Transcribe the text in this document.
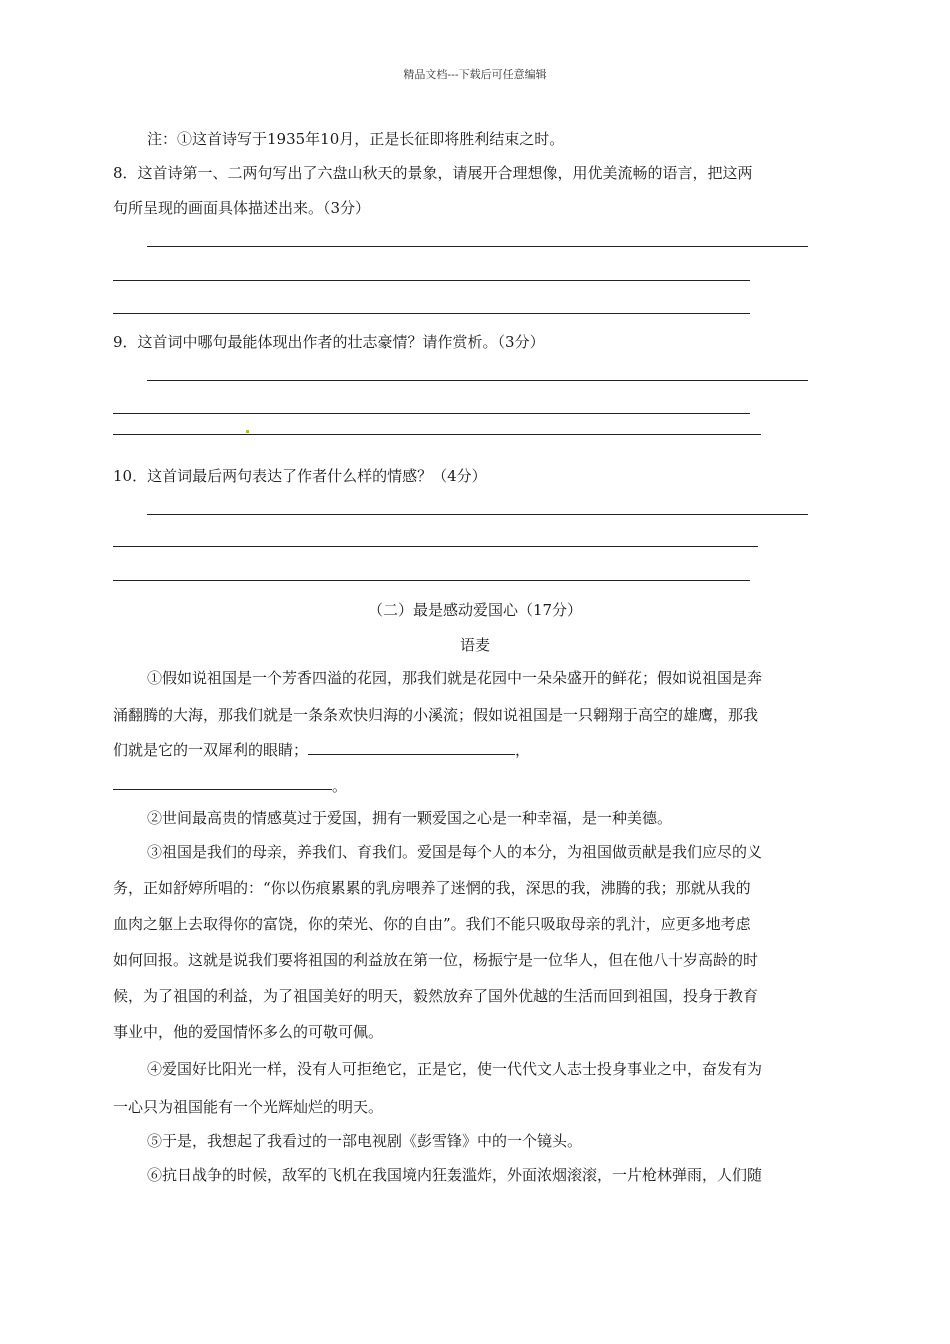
精品文档---下载后可任意编辑
注：①这首诗写于1935年10月，正是长征即将胜利结束之时。
8．这首诗第一、二两句写出了六盘山秋天的景象，请展开合理想像，用优美流畅的语言，把这两
句所呈现的画面具体描述出来。（3分）
9．这首词中哪句最能体现出作者的壮志豪情？请作赏析。（3分）
10．这首词最后两句表达了作者什么样的情感？（4分）
（二）最是感动爱国心（17分）
语麦
①假如说祖国是一个芳香四溢的花园，那我们就是花园中一朵朵盛开的鲜花；假如说祖国是奔
涌翻腾的大海，那我们就是一条条欢快归海的小溪流；假如说祖国是一只翱翔于高空的雄鹰，那我
们就是它的一双犀利的眼睛；	，
。
②世间最高贵的情感莫过于爱国，拥有一颗爱国之心是一种幸福，是一种美德。
③祖国是我们的母亲，养我们、育我们。爱国是每个人的本分，为祖国做贡献是我们应尽的义
务，正如舒婷所唱的：“你以伤痕累累的乳房喂养了迷惘的我，深思的我，沸腾的我；那就从我的
血肉之躯上去取得你的富饶，你的荣光、你的自由”。我们不能只吸取母亲的乳汁，应更多地考虑
如何回报。这就是说我们要将祖国的利益放在第一位，杨振宁是一位华人，但在他八十岁高龄的时
候，为了祖国的利益，为了祖国美好的明天，毅然放弃了国外优越的生活而回到祖国，投身于教育
事业中，他的爱国情怀多么的可敬可佩。
④爱国好比阳光一样，没有人可拒绝它，正是它，使一代代文人志士投身事业之中，奋发有为
一心只为祖国能有一个光辉灿烂的明天。
⑤于是，我想起了我看过的一部电视剧《彭雪锋》中的一个镜头。
⑥抗日战争的时候，敌军的飞机在我国境内狂轰滥炸，外面浓烟滚滚，一片枪林弹雨，人们随
